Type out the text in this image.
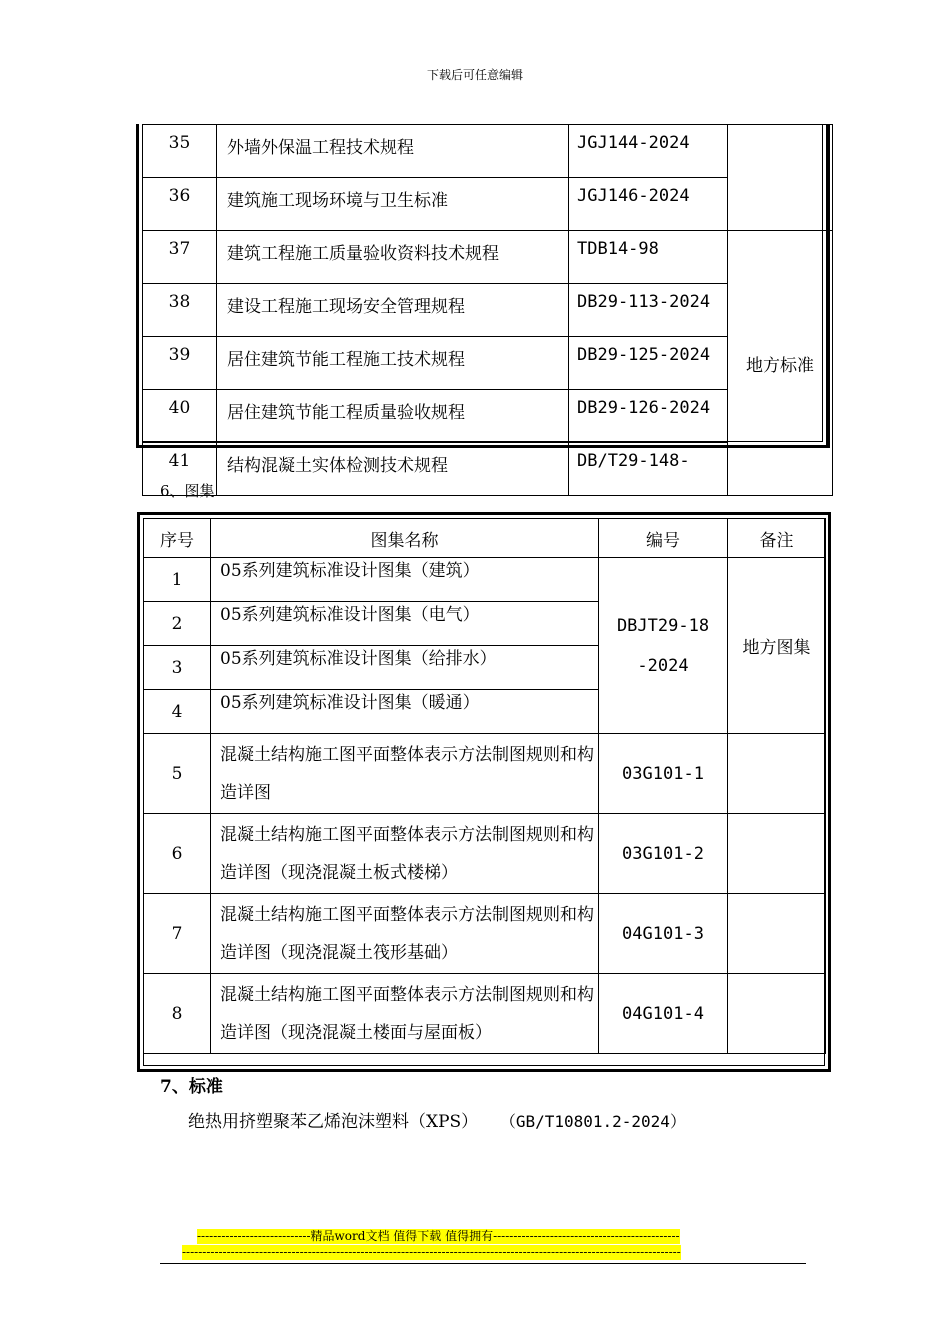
下载后可任意编辑
35	外墙外保温工程技术规程	JGJ144-2024	
36	建筑施工现场环境与卫生标准	JGJ146-2024	
37	建筑工程施工质量验收资料技术规程	TDB14-98	地方标准
38	建设工程施工现场安全管理规程	DB29-113-2024	
39	居住建筑节能工程施工技术规程	DB29-125-2024	
40	居住建筑节能工程质量验收规程	DB29-126-2024	
41	结构混凝土实体检测技术规程	DB/T29-148-	
6、图集
序号	图集名称	编号	备注
1	05系列建筑标准设计图集（建筑）	DBJT29-18-2024	地方图集
2	05系列建筑标准设计图集（电气）		
3	05系列建筑标准设计图集（给排水）		
4	05系列建筑标准设计图集（暖通）		
5	混凝土结构施工图平面整体表示方法制图规则和构造详图	03G101-1	
6	混凝土结构施工图平面整体表示方法制图规则和构造详图（现浇混凝土板式楼梯）	03G101-2	
7	混凝土结构施工图平面整体表示方法制图规则和构造详图（现浇混凝土筏形基础）	04G101-3	
8	混凝土结构施工图平面整体表示方法制图规则和构造详图（现浇混凝土楼面与屋面板）	04G101-4	
7、标准
绝热用挤塑聚苯乙烯泡沫塑料（XPS） （GB/T10801.2-2024）
----------------------------精品word文档 值得下载 值得拥有----------------------------------------------
---------------------------------------------------------------------------------------------------------------------------
